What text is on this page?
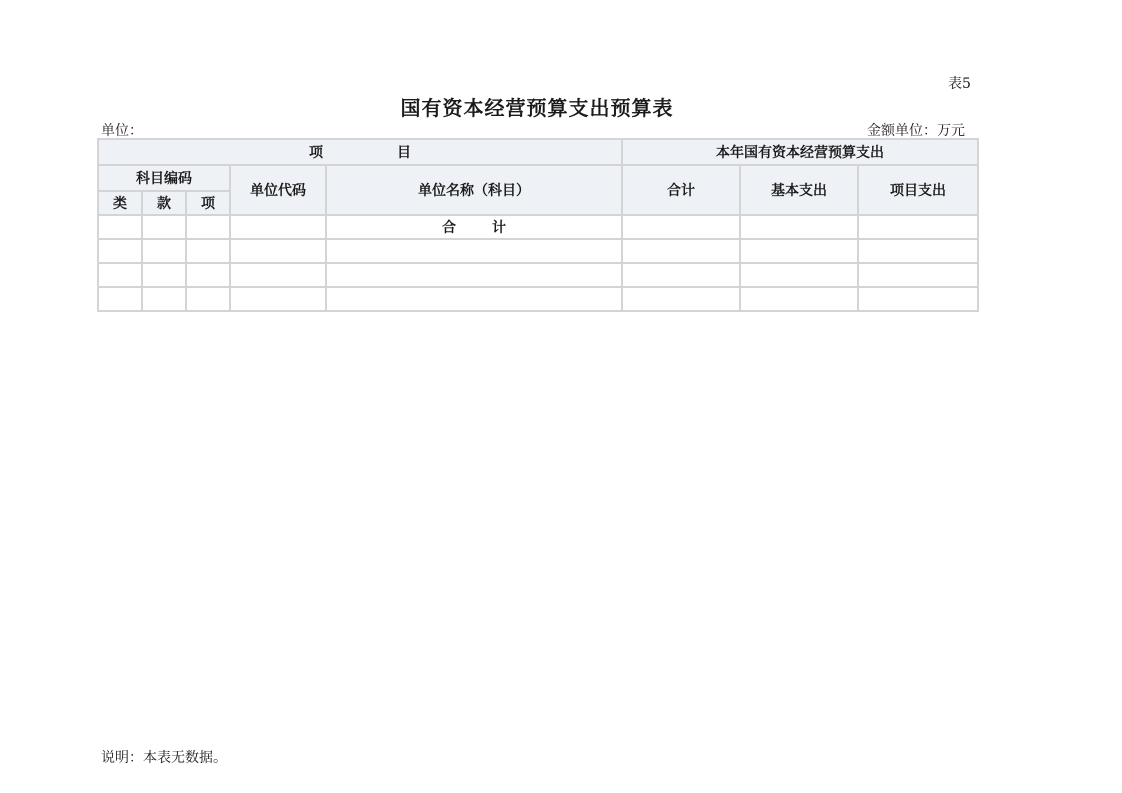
表5
国有资本经营预算支出预算表
单位：	金额单位：万元
项　目					本年国有资本经营预算支出		
科目编码			单位代码	单位名称（科目）	合计	基本支出	项目支出
类	款	项					
				合计			

说明：本表无数据。
